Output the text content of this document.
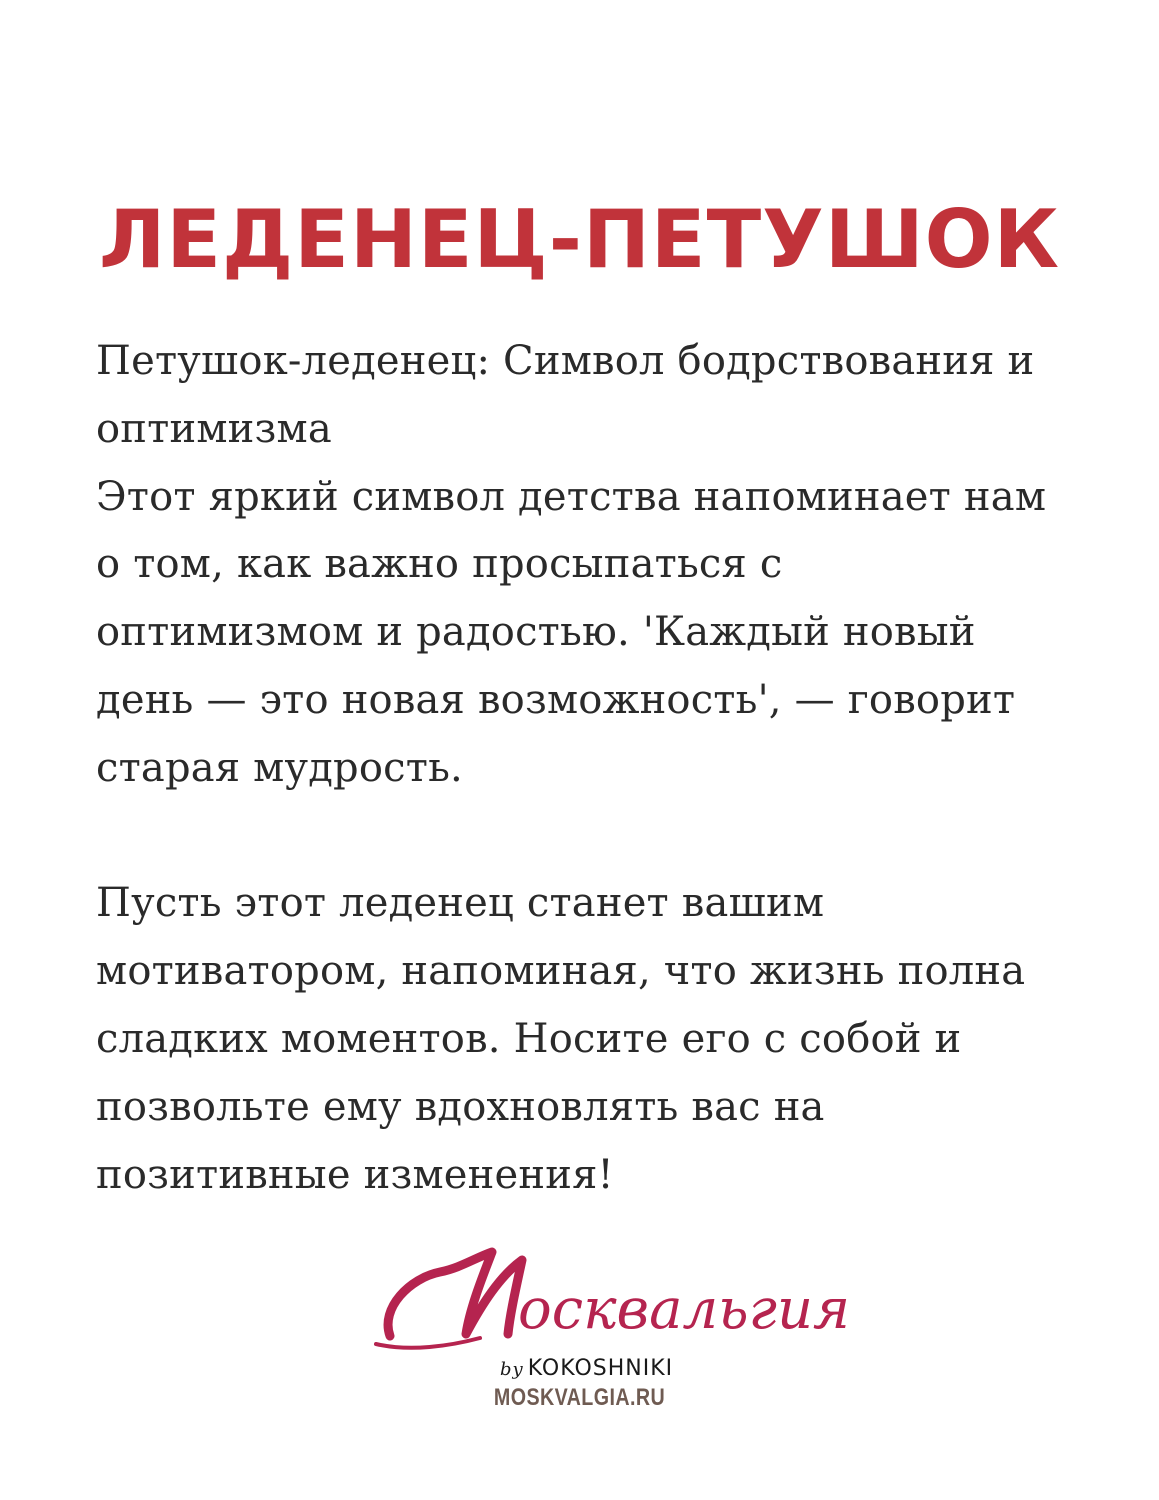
ЛЕДЕНЕЦ-ПЕТУШОК

Петушок-леденец: Символ бодрствования и

оптимизма

Этот яркий символ детства напоминает нам

о том, как важно просыпаться с

оптимизмом и радостью. 'Каждый новый

день — это новая возможность', — говорит

старая мудрость.

Пусть этот леденец станет вашим

мотиватором, напоминая, что жизнь полна

сладких моментов. Носите его с собой и

позвольте ему вдохновлять вас на

позитивные изменения!

осквальгия
by KOKOSHNIKI
MOSKVALGIA.RU
